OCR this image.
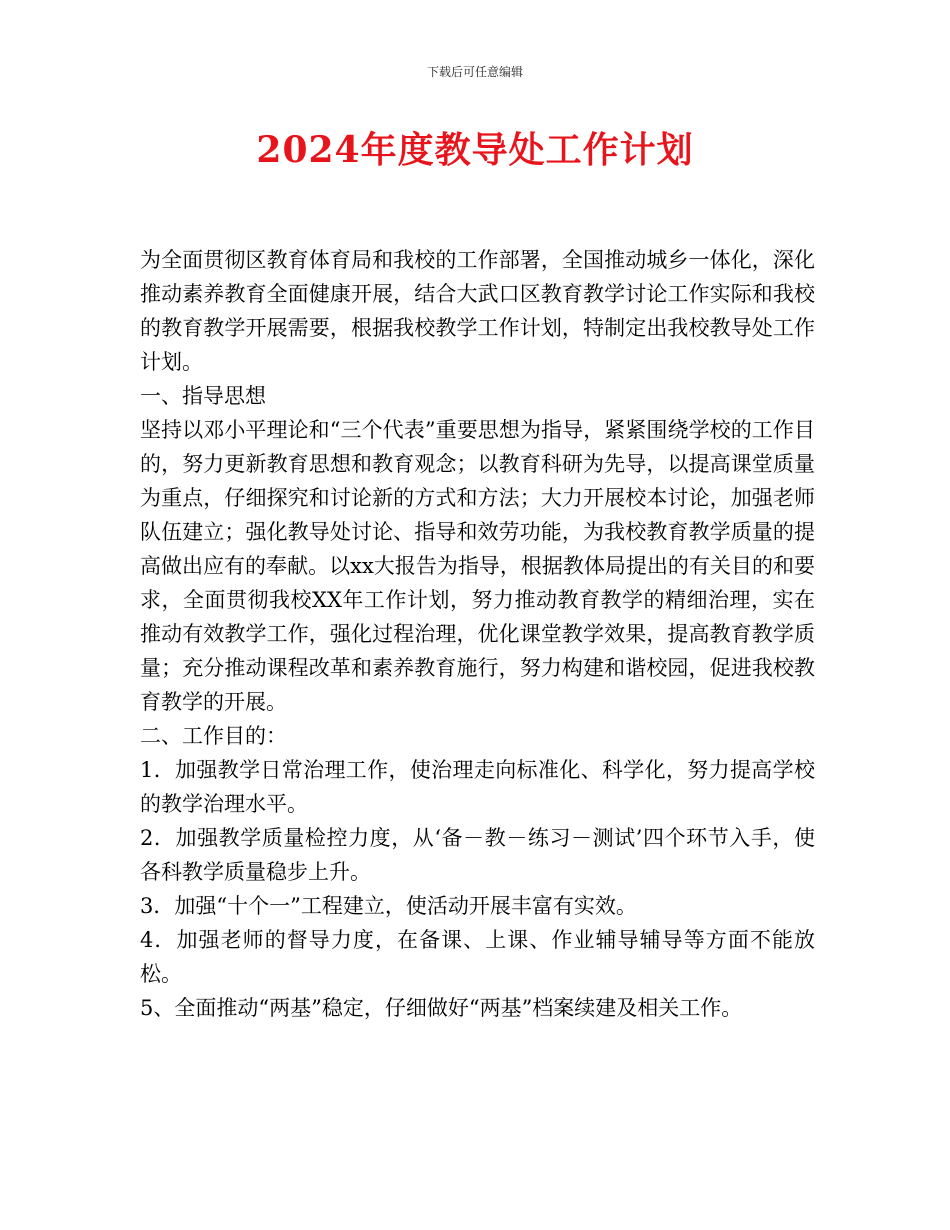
下载后可任意编辑
2024年度教导处工作计划

为全面贯彻区教育体育局和我校的工作部署，全国推动城乡一体化，深化推动素养教育全面健康开展，结合大武口区教育教学讨论工作实际和我校的教育教学开展需要，根据我校教学工作计划，特制定出我校教导处工作计划。

一、指导思想

坚持以邓小平理论和“三个代表”重要思想为指导，紧紧围绕学校的工作目的，努力更新教育思想和教育观念；以教育科研为先导，以提高课堂质量为重点，仔细探究和讨论新的方式和方法；大力开展校本讨论，加强老师队伍建立；强化教导处讨论、指导和效劳功能，为我校教育教学质量的提高做出应有的奉献。以xx大报告为指导，根据教体局提出的有关目的和要求，全面贯彻我校XX年工作计划，努力推动教育教学的精细治理，实在推动有效教学工作，强化过程治理，优化课堂教学效果，提高教育教学质量；充分推动课程改革和素养教育施行，努力构建和谐校园，促进我校教育教学的开展。

二、工作目的：

1．加强教学日常治理工作，使治理走向标准化、科学化，努力提高学校的教学治理水平。

2．加强教学质量检控力度，从‘备－教－练习－测试’四个环节入手，使各科教学质量稳步上升。

3．加强“十个一”工程建立，使活动开展丰富有实效。

4．加强老师的督导力度，在备课、上课、作业辅导辅导等方面不能放松。

5、全面推动“两基”稳定，仔细做好“两基”档案续建及相关工作。
